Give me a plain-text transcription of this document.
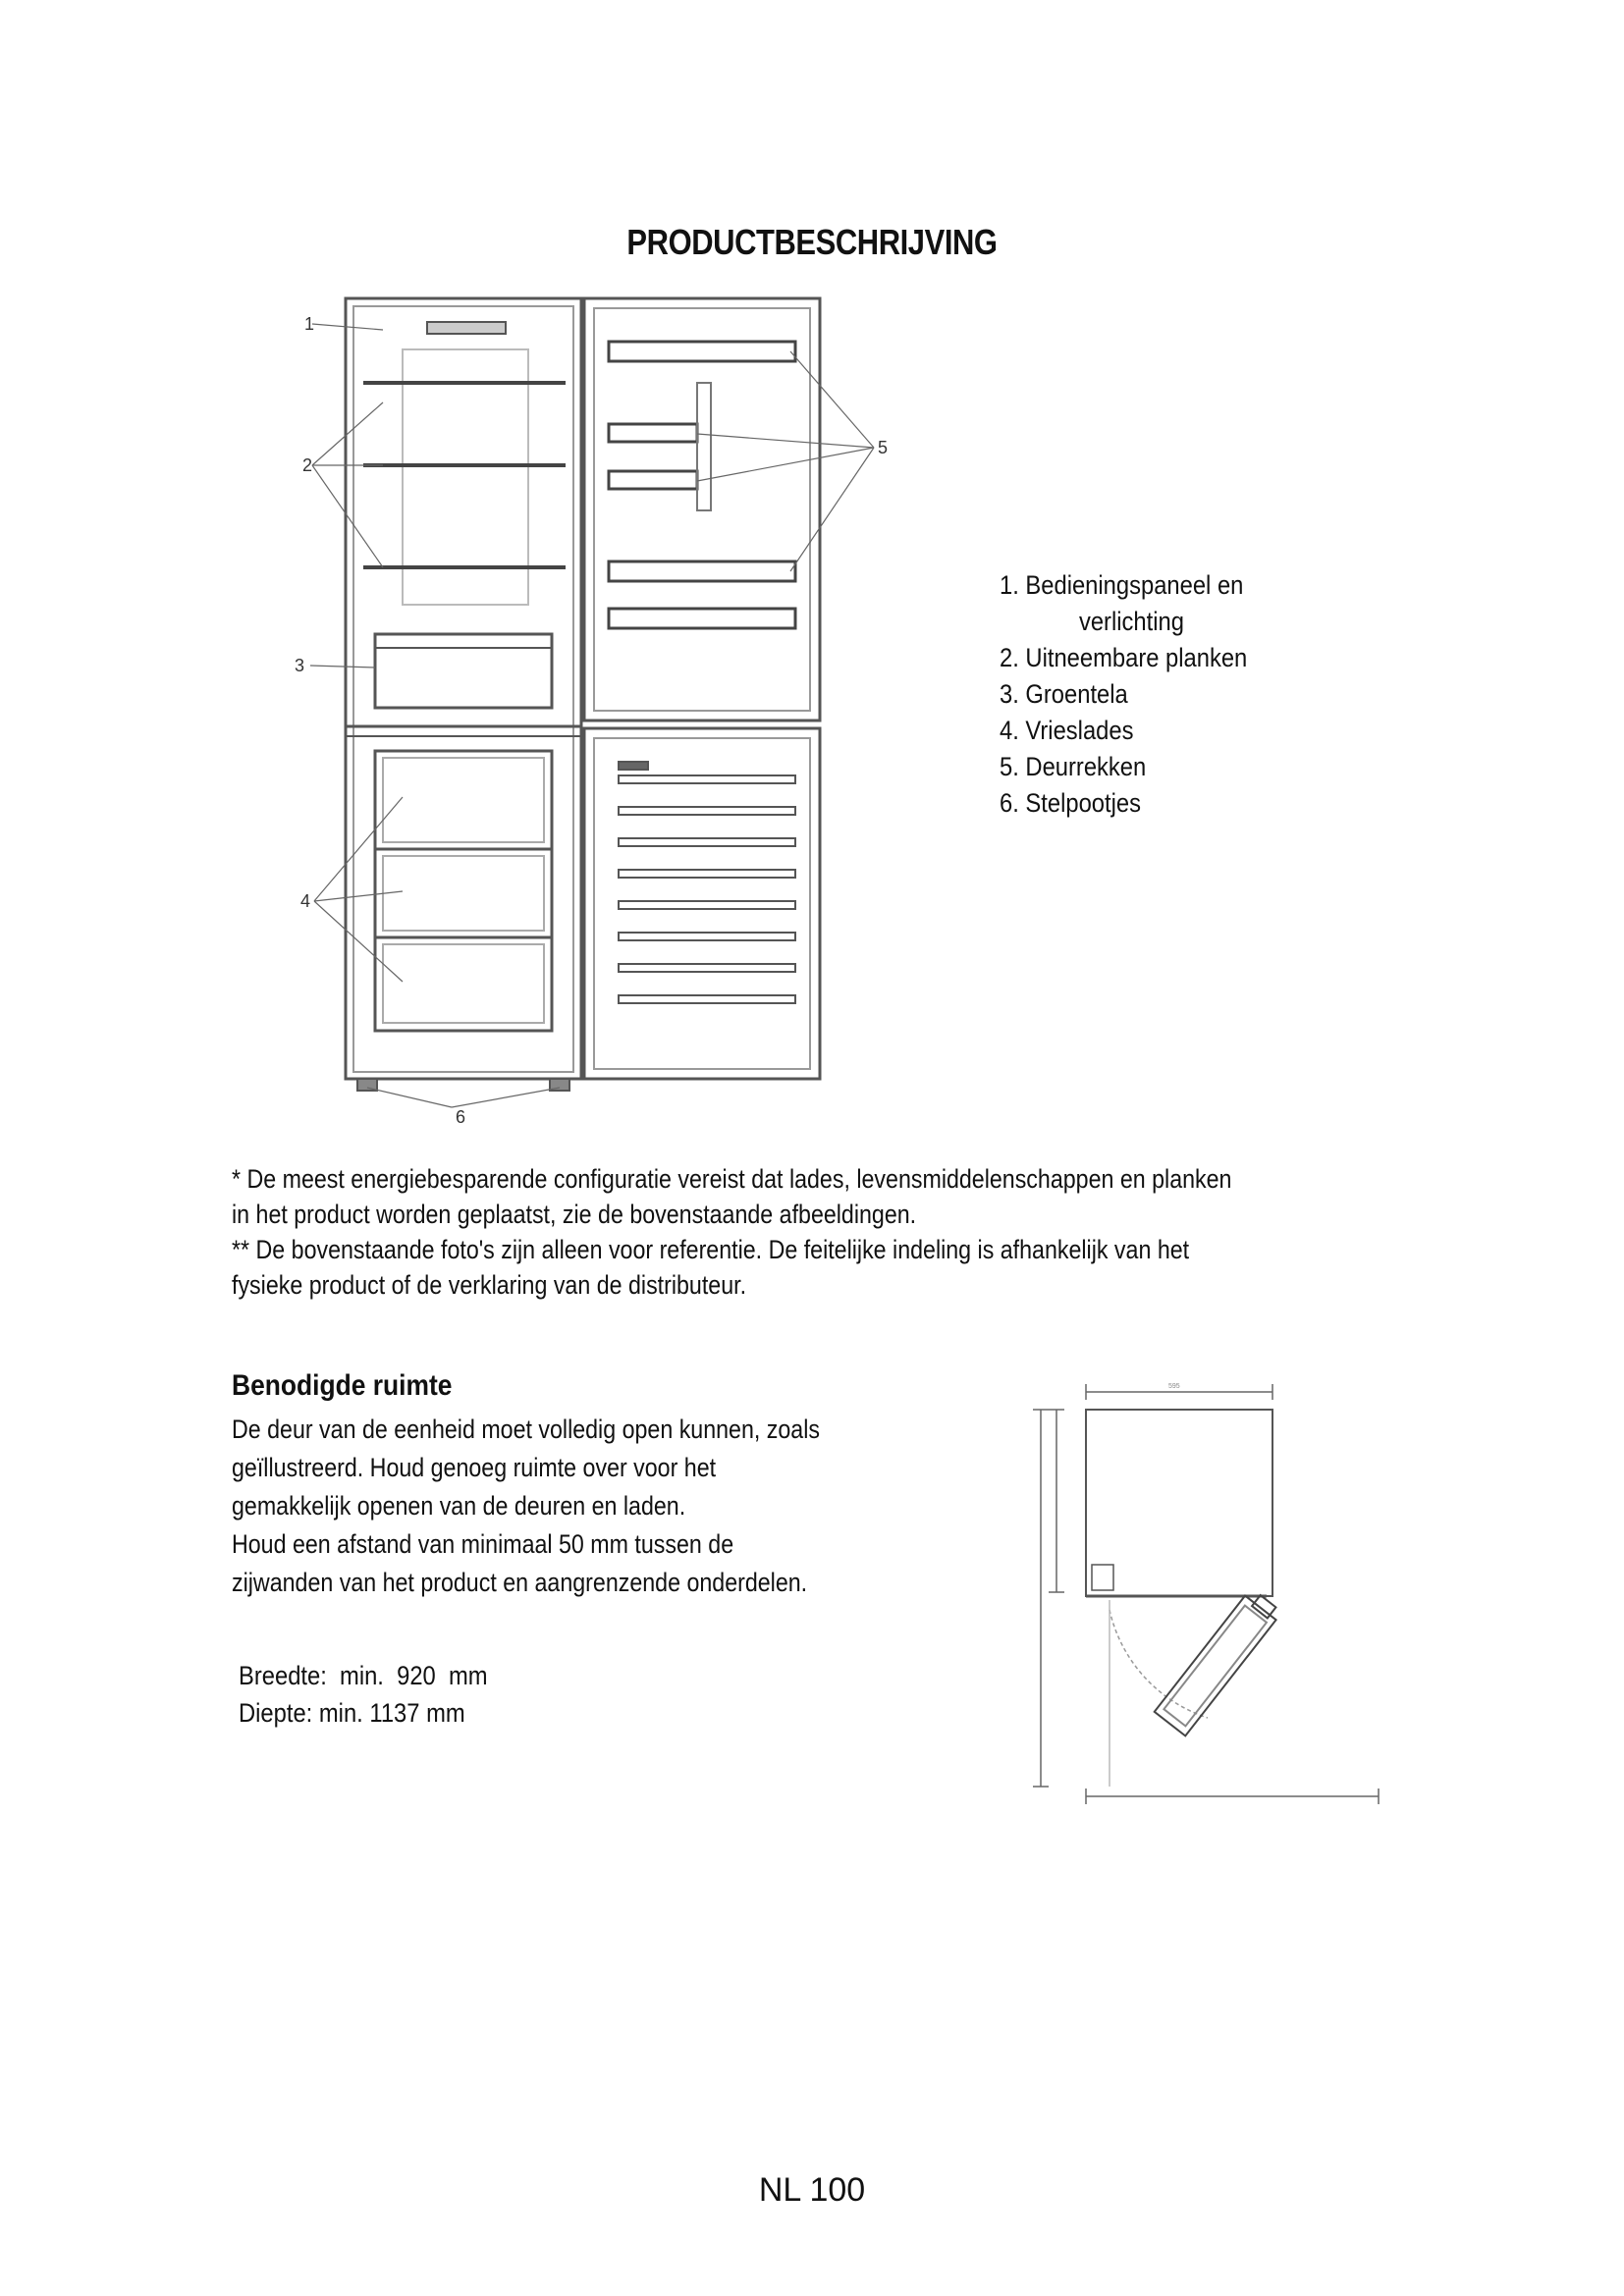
PRODUCTBESCHRIJVING
1
2
3
4
5
6
1. Bedieningspaneel en
verlichting
2. Uitneembare planken
3. Groentela
4. Vrieslades
5. Deurrekken
6. Stelpootjes
* De meest energiebesparende configuratie vereist dat lades, levensmiddelenschappen en planken
in het product worden geplaatst, zie de bovenstaande afbeeldingen.
** De bovenstaande foto's zijn alleen voor referentie. De feitelijke indeling is afhankelijk van het
fysieke product of de verklaring van de distributeur.
Benodigde ruimte
De deur van de eenheid moet volledig open kunnen, zoals
geïllustreerd. Houd genoeg ruimte over voor het
gemakkelijk openen van de deuren en laden.
Houd een afstand van minimaal 50 mm tussen de
zijwanden van het product en aangrenzende onderdelen.
Breedte:  min.  920  mm
Diepte: min. 1137 mm
595
NL 100
